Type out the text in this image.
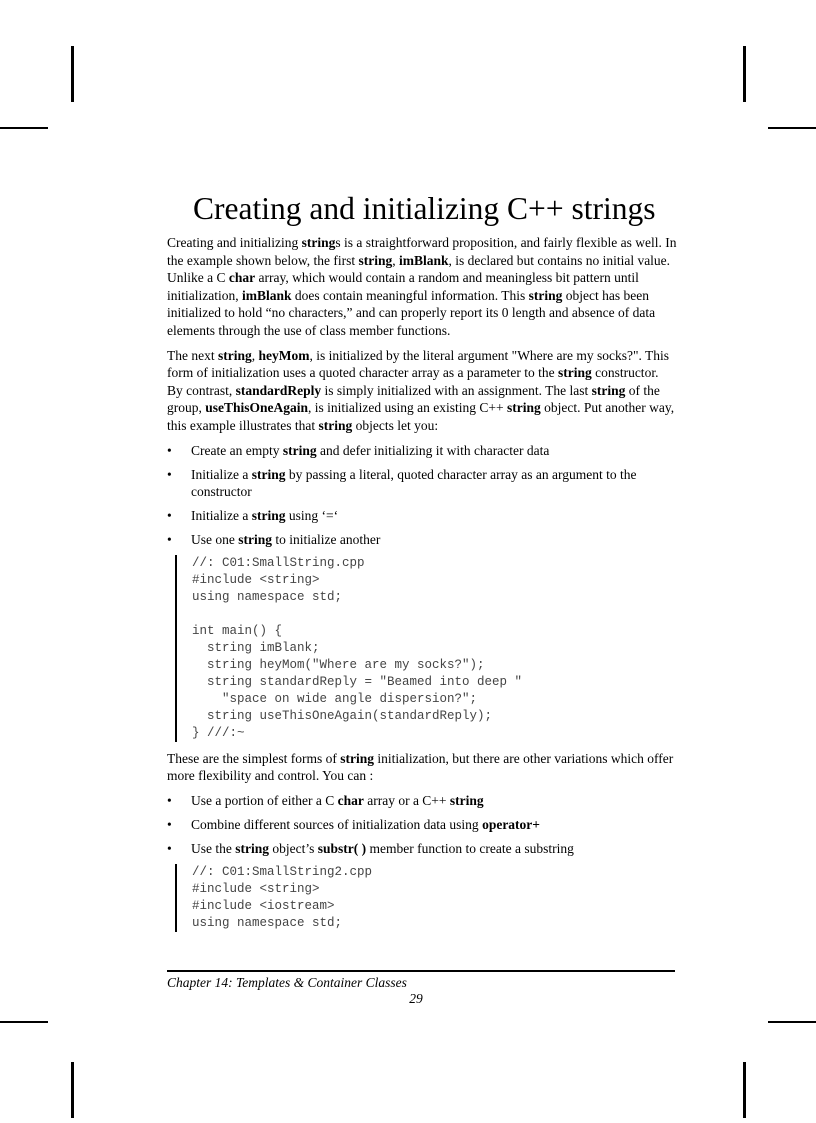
Creating and initializing C++ strings

Creating and initializing strings is a straightforward proposition, and fairly flexible as well. In the example shown below, the first string, imBlank, is declared but contains no initial value. Unlike a C char array, which would contain a random and meaningless bit pattern until initialization, imBlank does contain meaningful information. This string object has been initialized to hold “no characters,” and can properly report its 0 length and absence of data elements through the use of class member functions.

The next string, heyMom, is initialized by the literal argument "Where are my socks?". This form of initialization uses a quoted character array as a parameter to the string constructor. By contrast, standardReply is simply initialized with an assignment. The last string of the group, useThisOneAgain, is initialized using an existing C++ string object. Put another way, this example illustrates that string objects let you:

• Create an empty string and defer initializing it with character data
• Initialize a string by passing a literal, quoted character array as an argument to the constructor
• Initialize a string using ‘=‘
• Use one string to initialize another
//: C01:SmallString.cpp
#include <string>
using namespace std;
int main() {
string imBlank;
string heyMom("Where are my socks?");
string standardReply = "Beamed into deep "
"space on wide angle dispersion?";
string useThisOneAgain(standardReply);
} ///:~

These are the simplest forms of string initialization, but there are other variations which offer more flexibility and control. You can :

• Use a portion of either a C char array or a C++ string
• Combine different sources of initialization data using operator+
• Use the string object’s substr( ) member function to create a substring
//: C01:SmallString2.cpp
#include <string>
#include <iostream>
using namespace std;
Chapter 14: Templates & Container Classes
29
